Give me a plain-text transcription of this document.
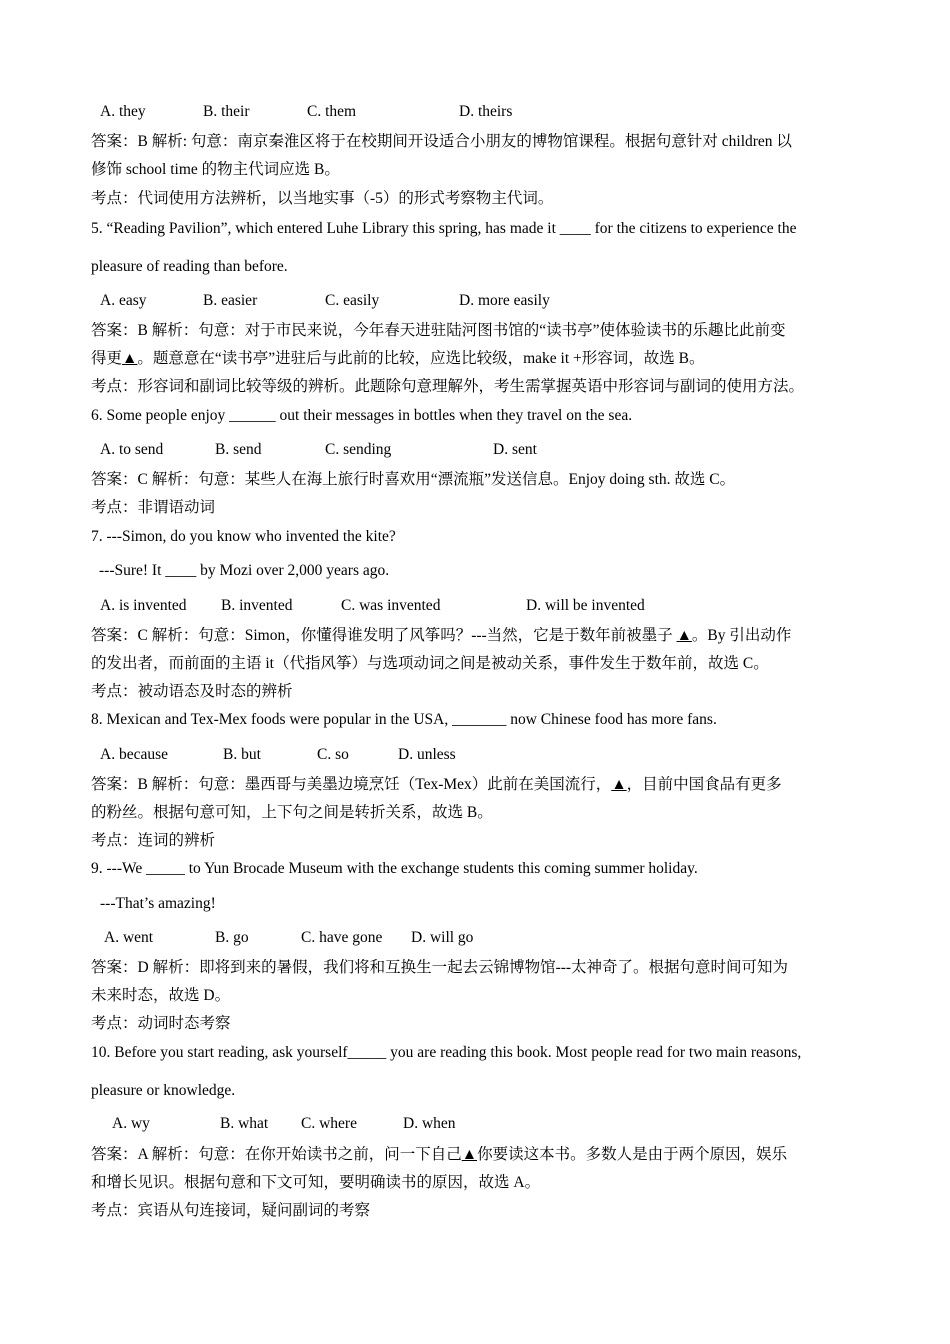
A. they	B. their	C. them	D. theirs
答案：B 解析: 句意：南京秦淮区将于在校期间开设适合小朋友的博物馆课程。根据句意针对 children 以
修饰 school time 的物主代词应选 B。
考点：代词使用方法辨析，以当地实事（-5）的形式考察物主代词。
5. “Reading Pavilion”, which entered Luhe Library this spring, has made it ____ for the citizens to experience the
pleasure of reading than before.
A. easy	B. easier	C. easily	D. more easily
答案：B 解析：句意：对于市民来说，今年春天进驻陆河图书馆的“读书亭”使体验读书的乐趣比此前变
得更▲。题意意在“读书亭”进驻后与此前的比较，应选比较级，make it +形容词，故选 B。
考点：形容词和副词比较等级的辨析。此题除句意理解外，考生需掌握英语中形容词与副词的使用方法。
6. Some people enjoy ______ out their messages in bottles when they travel on the sea.
A. to send	B. send	C. sending	D. sent
答案：C 解析：句意：某些人在海上旅行时喜欢用“漂流瓶”发送信息。Enjoy doing sth. 故选 C。
考点：非谓语动词
7. ---Simon, do you know who invented the kite?
---Sure! It ____ by Mozi over 2,000 years ago.
A. is invented B. invented	C. was invented	D. will be invented
答案：C 解析：句意：Simon，你懂得谁发明了风筝吗？---当然，它是于数年前被墨子 ▲。By 引出动作
的发出者，而前面的主语 it（代指风筝）与选项动词之间是被动关系，事件发生于数年前，故选 C。
考点：被动语态及时态的辨析
8. Mexican and Tex-Mex foods were popular in the USA, _______ now Chinese food has more fans.
A. because	B. but	C. so	D. unless
答案：B 解析：句意：墨西哥与美墨边境烹饪（Tex-Mex）此前在美国流行，▲，目前中国食品有更多
的粉丝。根据句意可知，上下句之间是转折关系，故选 B。
考点：连词的辨析
9. ---We _____ to Yun Brocade Museum with the exchange students this coming summer holiday.
---That’s amazing!
A. went	B. go	C. have gone D. will go
答案：D 解析：即将到来的暑假，我们将和互换生一起去云锦博物馆---太神奇了。根据句意时间可知为
未来时态，故选 D。
考点：动词时态考察
10. Before you start reading, ask yourself_____ you are reading this book. Most people read for two main reasons,
pleasure or knowledge.
A. wy	B. what C. where	D. when
答案：A 解析：句意：在你开始读书之前，问一下自己▲你要读这本书。多数人是由于两个原因，娱乐
和增长见识。根据句意和下文可知，要明确读书的原因，故选 A。
考点：宾语从句连接词，疑问副词的考察
